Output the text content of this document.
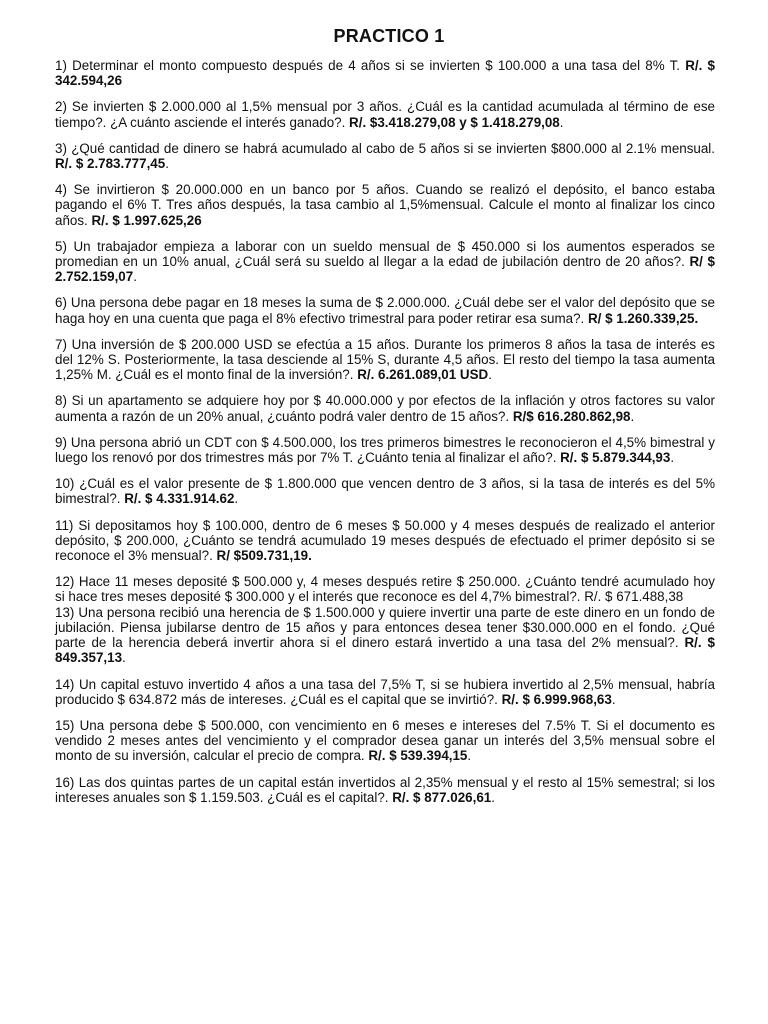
PRACTICO 1

1) Determinar el monto compuesto después de 4 años si se invierten $ 100.000 a una tasa del 8% T. R/. $ 342.594,26

2) Se invierten $ 2.000.000 al 1,5% mensual por 3 años. ¿Cuál es la cantidad acumulada al término de ese tiempo?. ¿A cuánto asciende el interés ganado?. R/. $3.418.279,08 y $ 1.418.279,08.

3) ¿Qué cantidad de dinero se habrá acumulado al cabo de 5 años si se invierten $800.000 al 2.1% mensual. R/. $ 2.783.777,45.

4) Se invirtieron $ 20.000.000 en un banco por 5 años. Cuando se realizó el depósito, el banco estaba pagando el 6% T. Tres años después, la tasa cambio al 1,5%mensual. Calcule el monto al finalizar los cinco años. R/. $ 1.997.625,26

5) Un trabajador empieza a laborar con un sueldo mensual de $ 450.000 si los aumentos esperados se promedian en un 10% anual, ¿Cuál será su sueldo al llegar a la edad de jubilación dentro de 20 años?. R/ $ 2.752.159,07.

6) Una persona debe pagar en 18 meses la suma de $ 2.000.000. ¿Cuál debe ser el valor del depósito que se haga hoy en una cuenta que paga el 8% efectivo trimestral para poder retirar esa suma?. R/ $ 1.260.339,25.

7) Una inversión de $ 200.000 USD se efectúa a 15 años. Durante los primeros 8 años la tasa de interés es del 12% S. Posteriormente, la tasa desciende al 15% S, durante 4,5 años. El resto del tiempo la tasa aumenta 1,25% M. ¿Cuál es el monto final de la inversión?. R/. 6.261.089,01 USD.

8) Si un apartamento se adquiere hoy por $ 40.000.000 y por efectos de la inflación y otros factores su valor aumenta a razón de un 20% anual, ¿cuánto podrá valer dentro de 15 años?. R/$ 616.280.862,98.

9) Una persona abrió un CDT con $ 4.500.000, los tres primeros bimestres le reconocieron el 4,5% bimestral y luego los renovó por dos trimestres más por 7% T. ¿Cuánto tenia al finalizar el año?. R/. $ 5.879.344,93.

10) ¿Cuál es el valor presente de $ 1.800.000 que vencen dentro de 3 años, si la tasa de interés es del 5% bimestral?. R/. $ 4.331.914.62.

11) Si depositamos hoy $ 100.000, dentro de 6 meses $ 50.000 y 4 meses después de realizado el anterior depósito, $ 200.000, ¿Cuánto se tendrá acumulado 19 meses después de efectuado el primer depósito si se reconoce el 3% mensual?. R/ $509.731,19.

12) Hace 11 meses deposité $ 500.000 y, 4 meses después retire $ 250.000. ¿Cuánto tendré acumulado hoy si hace tres meses deposité $ 300.000 y el interés que reconoce es del 4,7% bimestral?. R/. $ 671.488,38

13) Una persona recibió una herencia de $ 1.500.000 y quiere invertir una parte de este dinero en un fondo de jubilación. Piensa jubilarse dentro de 15 años y para entonces desea tener $30.000.000 en el fondo. ¿Qué parte de la herencia deberá invertir ahora si el dinero estará invertido a una tasa del 2% mensual?. R/. $ 849.357,13.

14) Un capital estuvo invertido 4 años a una tasa del 7,5% T, si se hubiera invertido al 2,5% mensual, habría producido $ 634.872 más de intereses. ¿Cuál es el capital que se invirtió?. R/. $ 6.999.968,63.

15) Una persona debe $ 500.000, con vencimiento en 6 meses e intereses del 7.5% T. Si el documento es vendido 2 meses antes del vencimiento y el comprador desea ganar un interés del 3,5% mensual sobre el monto de su inversión, calcular el precio de compra. R/. $ 539.394,15.

16) Las dos quintas partes de un capital están invertidos al 2,35% mensual y el resto al 15% semestral; si los intereses anuales son $ 1.159.503. ¿Cuál es el capital?. R/. $ 877.026,61.
